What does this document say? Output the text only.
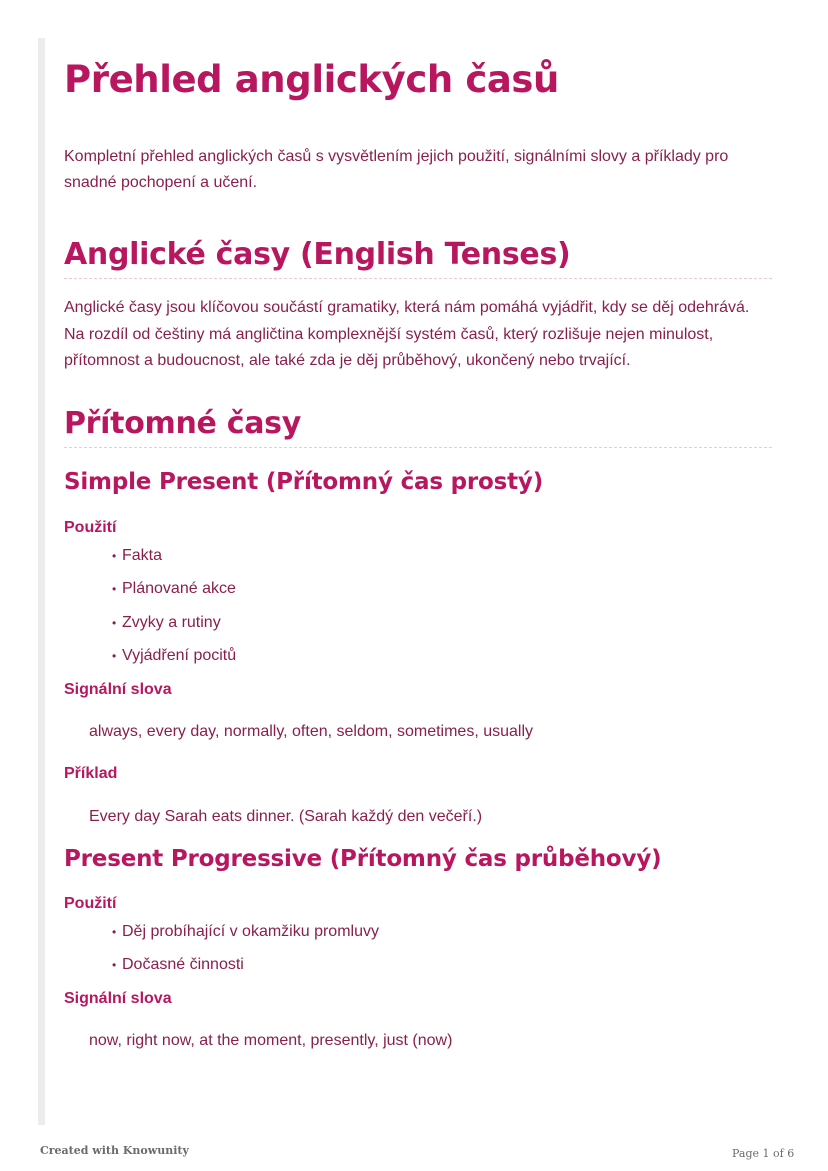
Přehled anglických časů

Kompletní přehled anglických časů s vysvětlením jejich použití, signálními slovy a příklady pro snadné pochopení a učení.

Anglické časy (English Tenses)

Anglické časy jsou klíčovou součástí gramatiky, která nám pomáhá vyjádřit, kdy se děj odehrává. Na rozdíl od češtiny má angličtina komplexnější systém časů, který rozlišuje nejen minulost, přítomnost a budoucnost, ale také zda je děj průběhový, ukončený nebo trvající.

Přítomné časy
Simple Present (Přítomný čas prostý)
Použití
• Fakta
• Plánované akce
• Zvyky a rutiny
• Vyjádření pocitů
Signální slova

always, every day, normally, often, seldom, sometimes, usually

Příklad

Every day Sarah eats dinner. (Sarah každý den večeří.)

Present Progressive (Přítomný čas průběhový)
Použití
• Děj probíhající v okamžiku promluvy
• Dočasné činnosti
Signální slova

now, right now, at the moment, presently, just (now)

Created with Knowunity	Page 1 of 6
